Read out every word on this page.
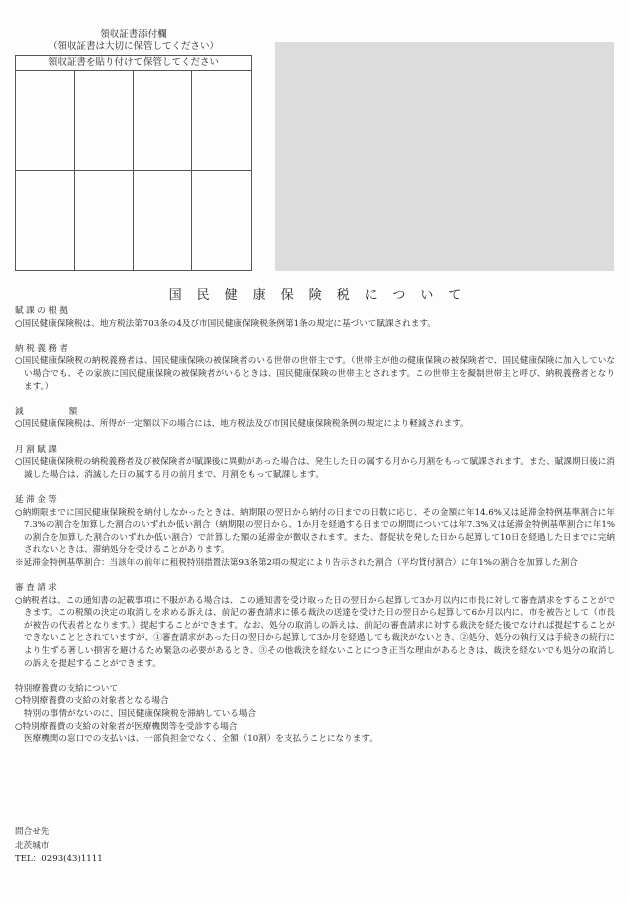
領収証書添付欄
（領収証書は大切に保管してください）
領収証書を貼り付けて保管してください
国民健康保険税について
賦課の根拠
○国民健康保険税は、地方税法第703条の4及び市国民健康保険税条例第1条の規定に基づいて賦課されます。
納税義務者
○国民健康保険税の納税義務者は、国民健康保険の被保険者のいる世帯の世帯主です。（世帯主が他の健康保険の被保険者で、国民健康保険に加入していない場合でも、その家族に国民健康保険の被保険者がいるときは、国民健康保険の世帯主とされます。この世帯主を擬制世帯主と呼び、納税義務者となります。）
減	額
○国民健康保険税は、所得が一定額以下の場合には、地方税法及び市国民健康保険税条例の規定により軽減されます。
月割賦課
○国民健康保険税の納税義務者及び被保険者が賦課後に異動があった場合は、発生した日の属する月から月割をもって賦課されます。また、賦課期日後に消滅した場合は、消滅した日の属する月の前月まで、月割をもって賦課します。
延滞金等
○納期限までに国民健康保険税を納付しなかったときは、納期限の翌日から納付の日までの日数に応じ、その金額に年14.6%又は延滞金特例基準割合に年7.3%の割合を加算した割合のいずれか低い割合（納期限の翌日から、1か月を経過する日までの期間については年7.3%又は延滞金特例基準割合に年1%の割合を加算した割合のいずれか低い割合）で計算した額の延滞金が徴収されます。また、督促状を発した日から起算して10日を経過した日までに完納されないときは、滞納処分を受けることがあります。
※延滞金特例基準割合：当該年の前年に租税特別措置法第93条第2項の規定により告示された割合（平均貸付割合）に年1%の割合を加算した割合
審査請求
○納税者は、この通知書の記載事項に不服がある場合は、この通知書を受け取った日の翌日から起算して3か月以内に市長に対して審査請求をすることができます。この税額の決定の取消しを求める訴えは、前記の審査請求に係る裁決の送達を受けた日の翌日から起算して6か月以内に、市を被告として（市長が被告の代表者となります。）提起することができます。なお、処分の取消しの訴えは、前記の審査請求に対する裁決を経た後でなければ提起することができないこととされていますが、①審査請求があった日の翌日から起算して3か月を経過しても裁決がないとき、②処分、処分の執行又は手続きの続行により生ずる著しい損害を避けるため緊急の必要があるとき、③その他裁決を経ないことにつき正当な理由があるときは、裁決を経ないでも処分の取消しの訴えを提起することができます。
特別療養費の支給について
○特別療養費の支給の対象者となる場合
特別の事情がないのに、国民健康保険税を滞納している場合
○特別療養費の支給の対象者が医療機関等を受診する場合
医療機関の窓口での支払いは、一部負担金でなく、全額（10割）を支払うことになります。
問合せ先
北茨城市
TEL：0293(43)1111
